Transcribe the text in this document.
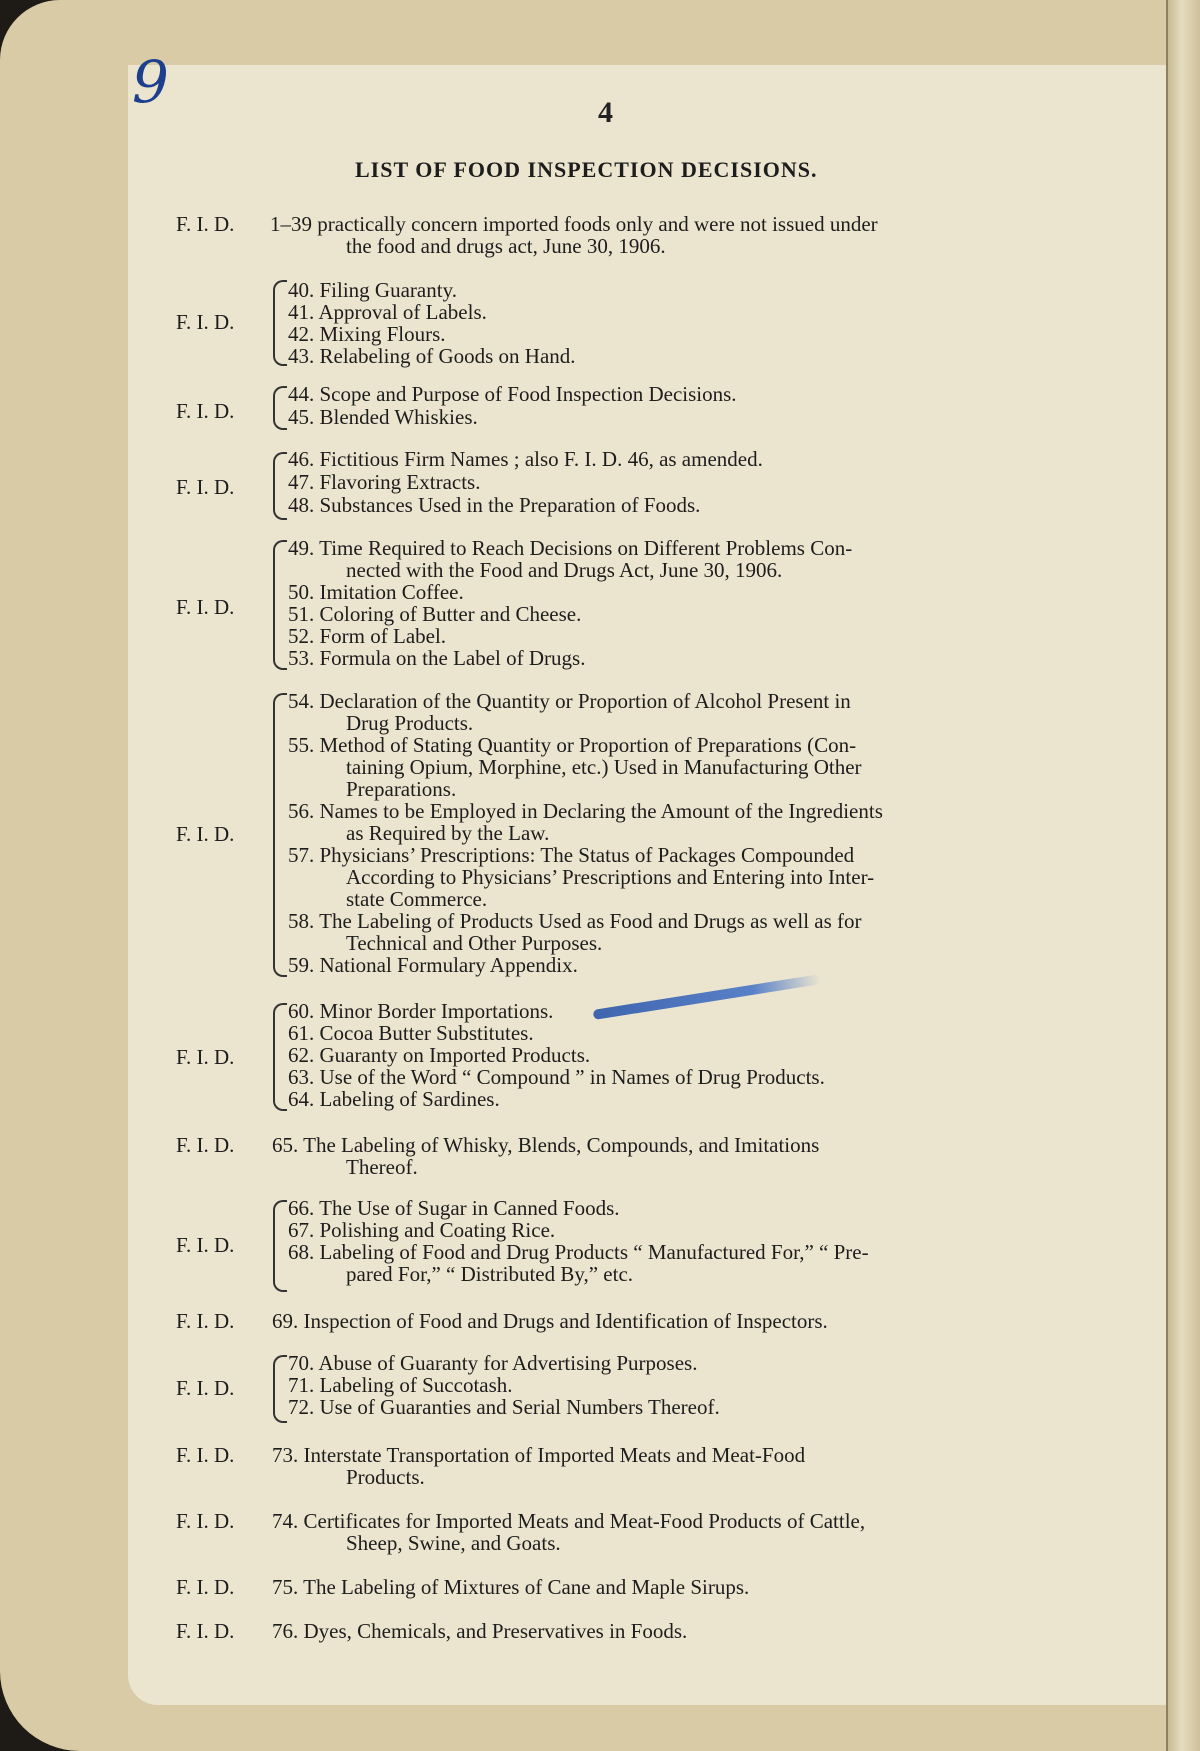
9	4
LIST OF FOOD INSPECTION DECISIONS.
F. I. D. 1–39 practically concern imported foods only and were not issued under
the food and drugs act, June 30, 1906.
F. I. D.
40. Filing Guaranty.
41. Approval of Labels.
42. Mixing Flours.
43. Relabeling of Goods on Hand.
F. I. D.
44. Scope and Purpose of Food Inspection Decisions.
45. Blended Whiskies.
F. I. D.
46. Fictitious Firm Names ; also F. I. D. 46, as amended.
47. Flavoring Extracts.
48. Substances Used in the Preparation of Foods.
F. I. D.
49. Time Required to Reach Decisions on Different Problems Con-
nected with the Food and Drugs Act, June 30, 1906.
50. Imitation Coffee.
51. Coloring of Butter and Cheese.
52. Form of Label.
53. Formula on the Label of Drugs.
F. I. D.
54. Declaration of the Quantity or Proportion of Alcohol Present in
Drug Products.
55. Method of Stating Quantity or Proportion of Preparations (Con-
taining Opium, Morphine, etc.) Used in Manufacturing Other
Preparations.
56. Names to be Employed in Declaring the Amount of the Ingredients
as Required by the Law.
57. Physicians’ Prescriptions: The Status of Packages Compounded
According to Physicians’ Prescriptions and Entering into Inter-
state Commerce.
58. The Labeling of Products Used as Food and Drugs as well as for
Technical and Other Purposes.
59. National Formulary Appendix.
F. I. D.
60. Minor Border Importations.
61. Cocoa Butter Substitutes.
62. Guaranty on Imported Products.
63. Use of the Word “ Compound ” in Names of Drug Products.
64. Labeling of Sardines.
F. I. D. 65. The Labeling of Whisky, Blends, Compounds, and Imitations
Thereof.
F. I. D.
66. The Use of Sugar in Canned Foods.
67. Polishing and Coating Rice.
68. Labeling of Food and Drug Products “ Manufactured For,” “ Pre-
pared For,” “ Distributed By,” etc.
F. I. D. 69. Inspection of Food and Drugs and Identification of Inspectors.
F. I. D.
70. Abuse of Guaranty for Advertising Purposes.
71. Labeling of Succotash.
72. Use of Guaranties and Serial Numbers Thereof.
F. I. D. 73. Interstate Transportation of Imported Meats and Meat-Food
Products.
F. I. D. 74. Certificates for Imported Meats and Meat-Food Products of Cattle,
Sheep, Swine, and Goats.
F. I. D. 75. The Labeling of Mixtures of Cane and Maple Sirups.
F. I. D. 76. Dyes, Chemicals, and Preservatives in Foods.
